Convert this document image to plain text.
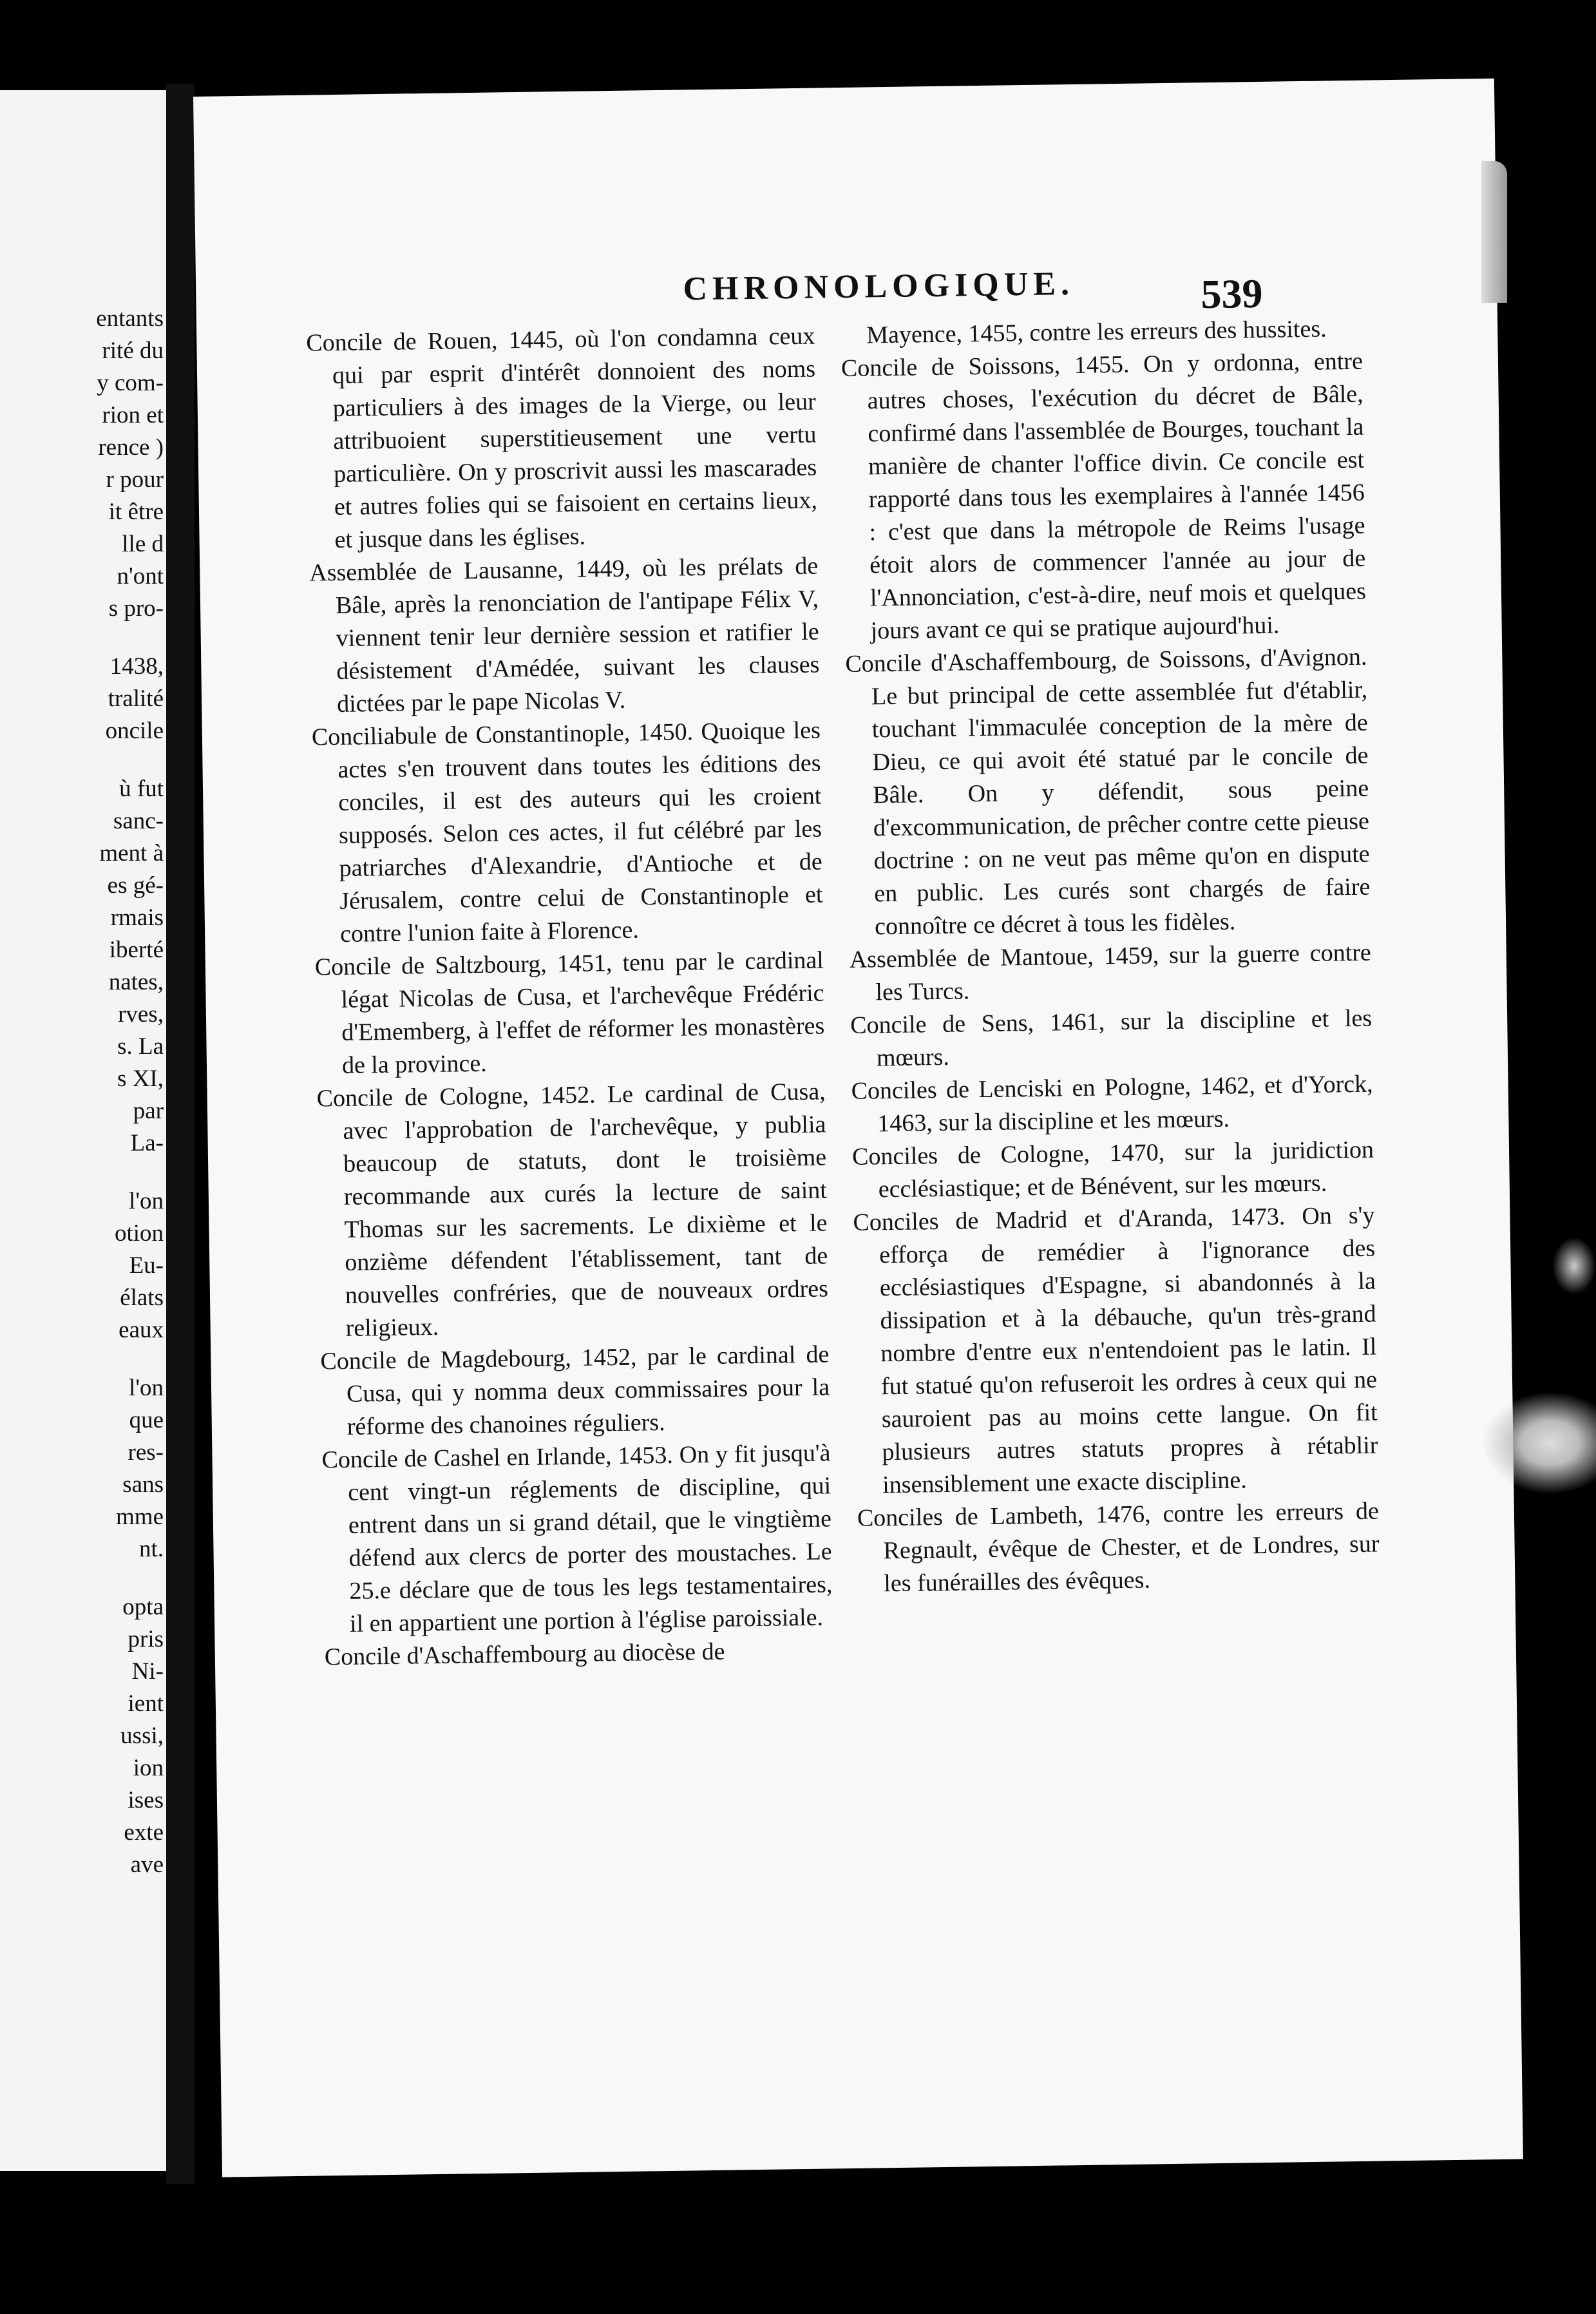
entants
rité du
y com-
rion et
rence )
r pour
it être
lle d
n'ont
s pro-
1438,
tralité
oncile
ù fut
sanc-
ment à
es gé-
rmais
iberté
nates,
rves,
s. La
s XI,
par
La-
l'on
otion
Eu-
élats
eaux
l'on
que
res-
sans
mme
nt.
opta
pris
Ni-
ient
ussi,
ion
ises
exte
ave
CHRONOLOGIQUE.	539

Concile de Rouen, 1445, où l'on condamna ceux qui par esprit d'intérêt donnoient des noms particuliers à des images de la Vierge, ou leur attribuoient superstitieusement une vertu particulière. On y proscrivit aussi les mascarades et autres folies qui se faisoient en certains lieux, et jusque dans les églises.

Assemblée de Lausanne, 1449, où les prélats de Bâle, après la renonciation de l'antipape Félix V, viennent tenir leur dernière session et ratifier le désistement d'Amédée, suivant les clauses dictées par le pape Nicolas V.

Conciliabule de Constantinople, 1450. Quoique les actes s'en trouvent dans toutes les éditions des conciles, il est des auteurs qui les croient supposés. Selon ces actes, il fut célébré par les patriarches d'Alexandrie, d'Antioche et de Jérusalem, contre celui de Constantinople et contre l'union faite à Florence.

Concile de Saltzbourg, 1451, tenu par le cardinal légat Nicolas de Cusa, et l'archevêque Frédéric d'Ememberg, à l'effet de réformer les monastères de la province.

Concile de Cologne, 1452. Le cardinal de Cusa, avec l'approbation de l'archevêque, y publia beaucoup de statuts, dont le troisième recommande aux curés la lecture de saint Thomas sur les sacrements. Le dixième et le onzième défendent l'établissement, tant de nouvelles confréries, que de nouveaux ordres religieux.

Concile de Magdebourg, 1452, par le cardinal de Cusa, qui y nomma deux commissaires pour la réforme des chanoines réguliers.

Concile de Cashel en Irlande, 1453. On y fit jusqu'à cent vingt-un réglements de discipline, qui entrent dans un si grand détail, que le vingtième défend aux clercs de porter des moustaches. Le 25.e déclare que de tous les legs testamentaires, il en appartient une portion à l'église paroissiale.

Concile d'Aschaffembourg au diocèse de

Mayence, 1455, contre les erreurs des hussites.

Concile de Soissons, 1455. On y ordonna, entre autres choses, l'exécution du décret de Bâle, confirmé dans l'assemblée de Bourges, touchant la manière de chanter l'office divin. Ce concile est rapporté dans tous les exemplaires à l'année 1456 : c'est que dans la métropole de Reims l'usage étoit alors de commencer l'année au jour de l'Annonciation, c'est-à-dire, neuf mois et quelques jours avant ce qui se pratique aujourd'hui.

Concile d'Aschaffembourg, de Soissons, d'Avignon. Le but principal de cette assemblée fut d'établir, touchant l'immaculée conception de la mère de Dieu, ce qui avoit été statué par le concile de Bâle. On y défendit, sous peine d'excommunication, de prêcher contre cette pieuse doctrine : on ne veut pas même qu'on en dispute en public. Les curés sont chargés de faire connoître ce décret à tous les fidèles.

Assemblée de Mantoue, 1459, sur la guerre contre les Turcs.

Concile de Sens, 1461, sur la discipline et les mœurs.

Conciles de Lenciski en Pologne, 1462, et d'Yorck, 1463, sur la discipline et les mœurs.

Conciles de Cologne, 1470, sur la juridiction ecclésiastique; et de Bénévent, sur les mœurs.

Conciles de Madrid et d'Aranda, 1473. On s'y efforça de remédier à l'ignorance des ecclésiastiques d'Espagne, si abandonnés à la dissipation et à la débauche, qu'un très-grand nombre d'entre eux n'entendoient pas le latin. Il fut statué qu'on refuseroit les ordres à ceux qui ne sauroient pas au moins cette langue. On fit plusieurs autres statuts propres à rétablir insensiblement une exacte discipline.

Conciles de Lambeth, 1476, contre les erreurs de Regnault, évêque de Chester, et de Londres, sur les funérailles des évêques.
